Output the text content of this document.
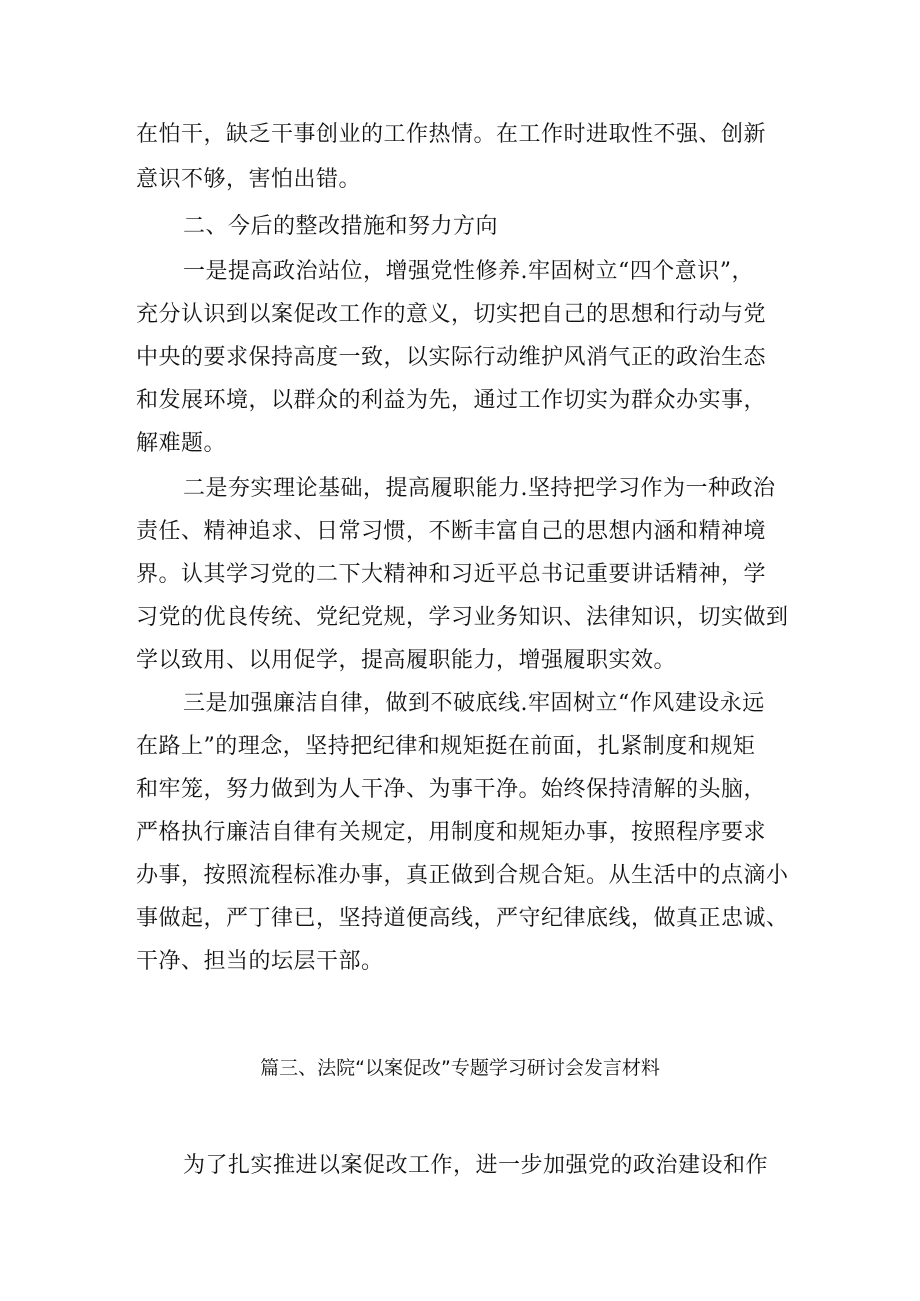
在怕干，缺乏干事创业的工作热情。在工作时进取性不强、创新
意识不够，害怕出错。
二、今后的整改措施和努力方向
一是提高政治站位，增强党性修养.牢固树立“四个意识”，
充分认识到以案促改工作的意义，切实把自己的思想和行动与党
中央的要求保持高度一致，以实际行动维护风消气正的政治生态
和发展环境，以群众的利益为先，通过工作切实为群众办实事，
解难题。
二是夯实理论基础，提高履职能力.坚持把学习作为一种政治
责任、精神追求、日常习惯，不断丰富自己的思想内涵和精神境
界。认其学习党的二下大精神和习近平总书记重要讲话精神，学
习党的优良传统、党纪党规，学习业务知识、法律知识，切实做到
学以致用、以用促学，提高履职能力，增强履职实效。
三是加强廉洁自律，做到不破底线.牢固树立“作风建设永远
在路上”的理念，坚持把纪律和规矩挺在前面，扎紧制度和规矩
和牢笼，努力做到为人干净、为事干净。始终保持清解的头脑，
严格执行廉洁自律有关规定，用制度和规矩办事，按照程序要求
办事，按照流程标准办事，真正做到合规合矩。从生活中的点滴小
事做起，严丁律已，坚持道便高线，严守纪律底线，做真正忠诚、
干净、担当的坛层干部。
篇三、法院“以案促改”专题学习研讨会发言材料
为了扎实推进以案促改工作，进一步加强党的政治建设和作
